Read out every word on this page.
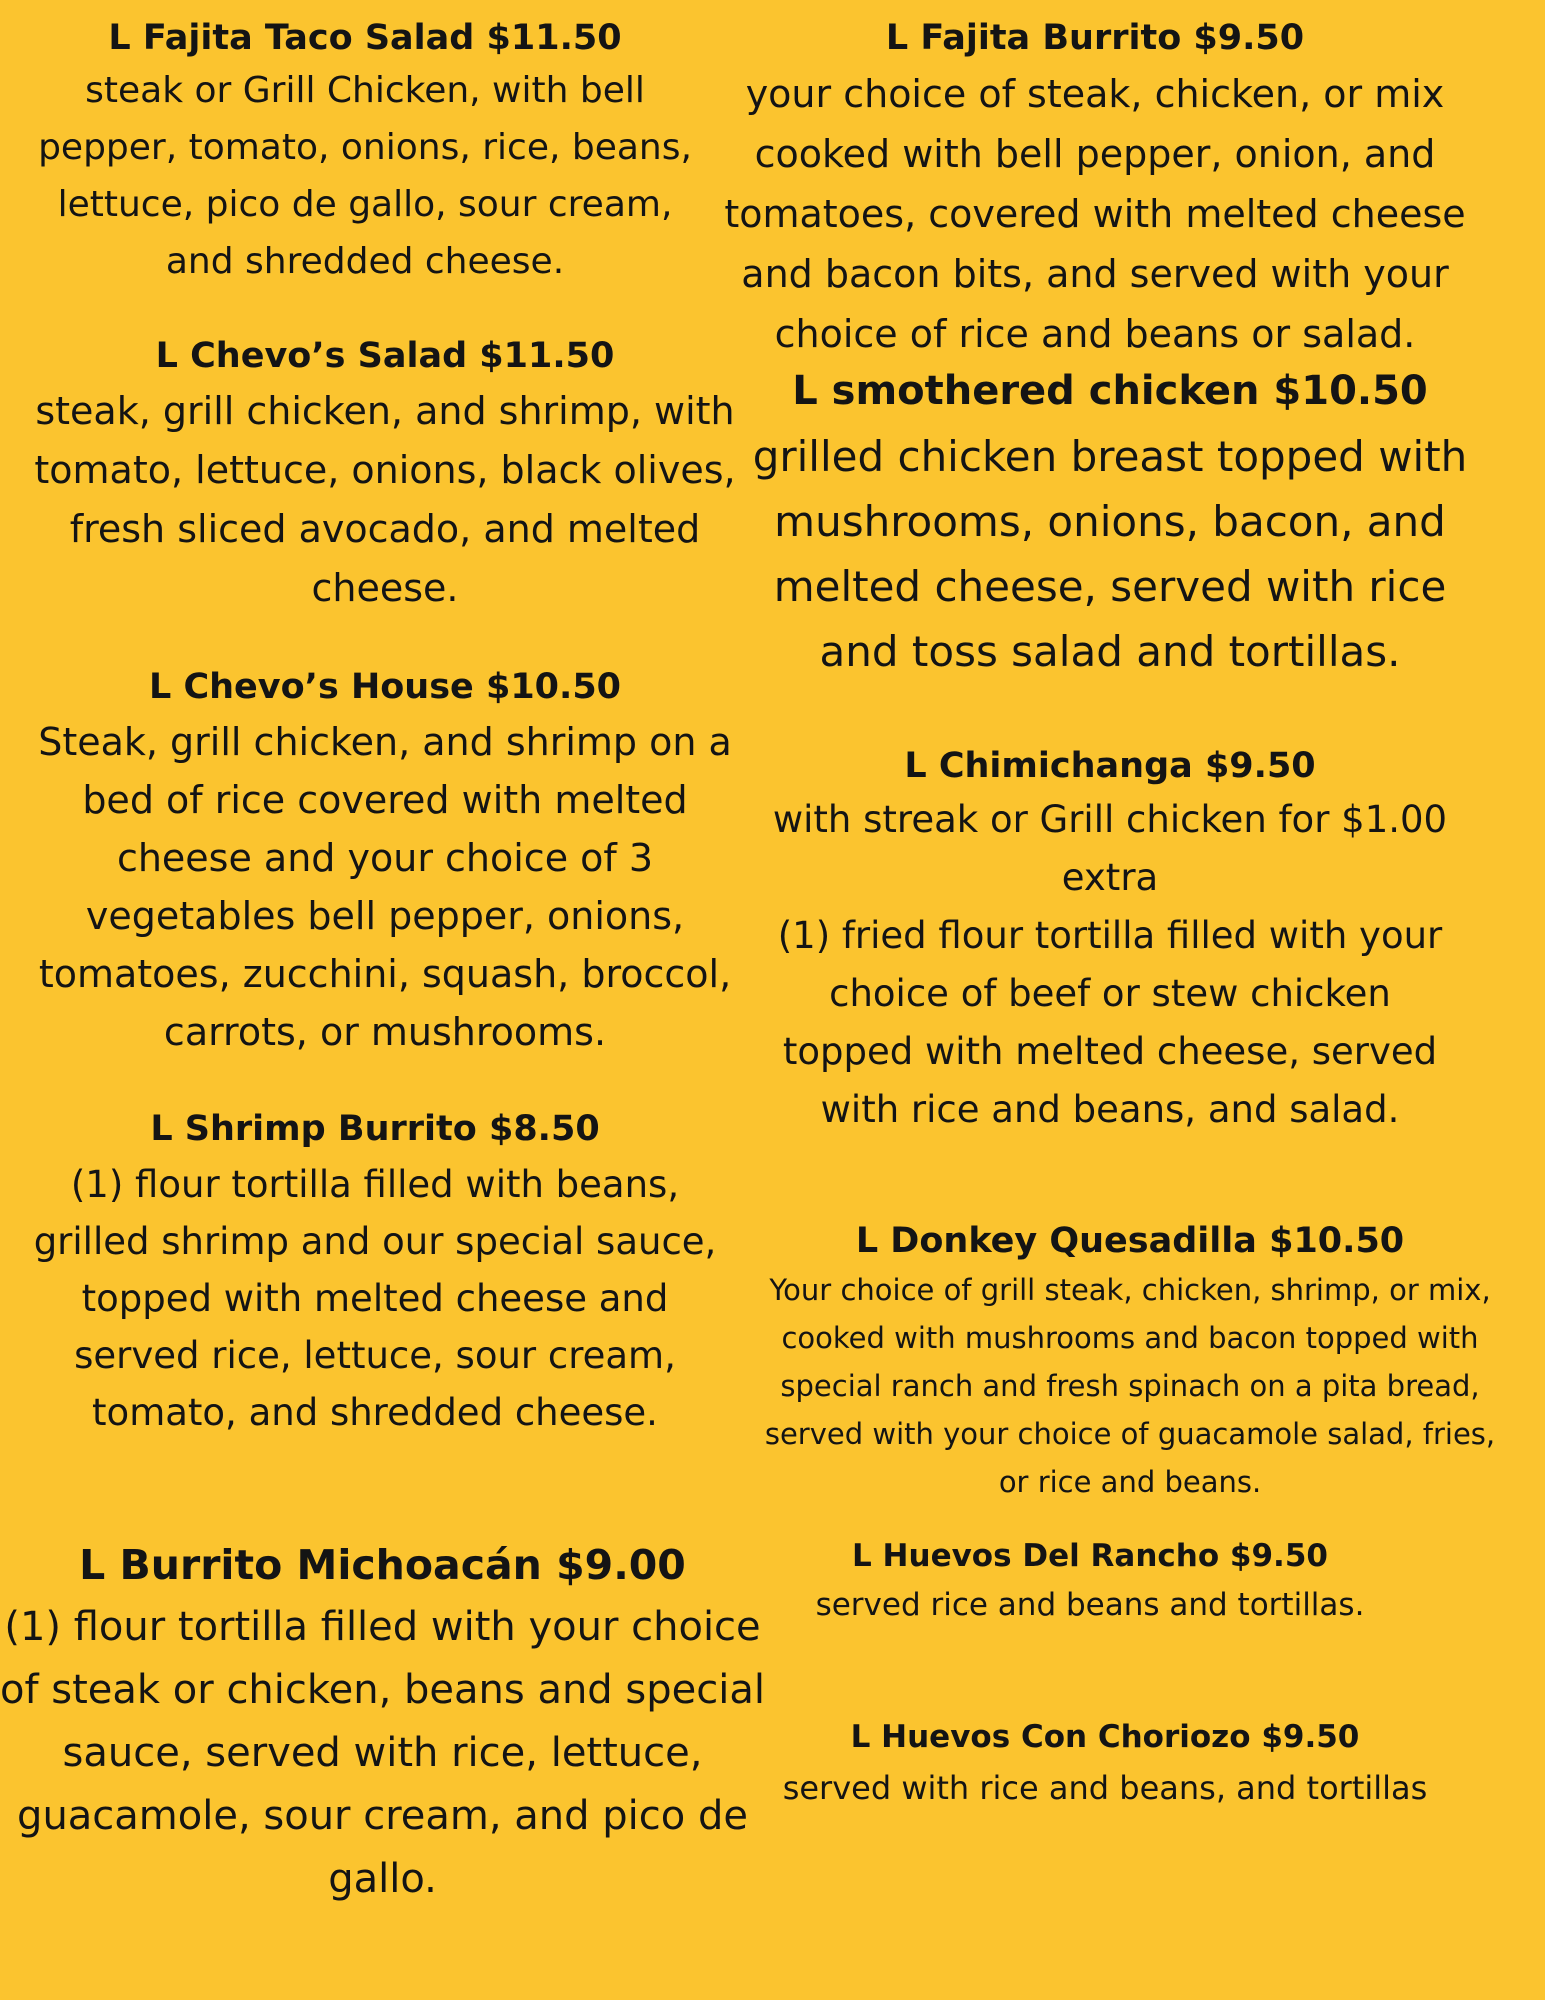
L Fajita Taco Salad $11.50

steak or Grill Chicken, with bell pepper, tomato, onions, rice, beans, lettuce, pico de gallo, sour cream, and shredded cheese.

L Chevo’s Salad $11.50

steak, grill chicken, and shrimp, with tomato, lettuce, onions, black olives, fresh sliced avocado, and melted cheese.

L Chevo’s House $10.50

Steak, grill chicken, and shrimp on a bed of rice covered with melted cheese and your choice of 3 vegetables bell pepper, onions, tomatoes, zucchini, squash, broccol, carrots, or mushrooms.

L Shrimp Burrito $8.50

(1) flour tortilla filled with beans, grilled shrimp and our special sauce, topped with melted cheese and served rice, lettuce, sour cream, tomato, and shredded cheese.

L Burrito Michoacán $9.00

(1) flour tortilla filled with your choice of steak or chicken, beans and special sauce, served with rice, lettuce, guacamole, sour cream, and pico de gallo.

L Fajita Burrito $9.50

your choice of steak, chicken, or mix cooked with bell pepper, onion, and tomatoes, covered with melted cheese and bacon bits, and served with your choice of rice and beans or salad.

L smothered chicken $10.50

grilled chicken breast topped with mushrooms, onions, bacon, and melted cheese, served with rice and toss salad and tortillas.

L Chimichanga $9.50

with streak or Grill chicken for $1.00 extra

(1) fried flour tortilla filled with your choice of beef or stew chicken topped with melted cheese, served with rice and beans, and salad.

L Donkey Quesadilla $10.50

Your choice of grill steak, chicken, shrimp, or mix, cooked with mushrooms and bacon topped with special ranch and fresh spinach on a pita bread, served with your choice of guacamole salad, fries, or rice and beans.

L Huevos Del Rancho $9.50

served rice and beans and tortillas.

L Huevos Con Choriozo $9.50

served with rice and beans, and tortillas
